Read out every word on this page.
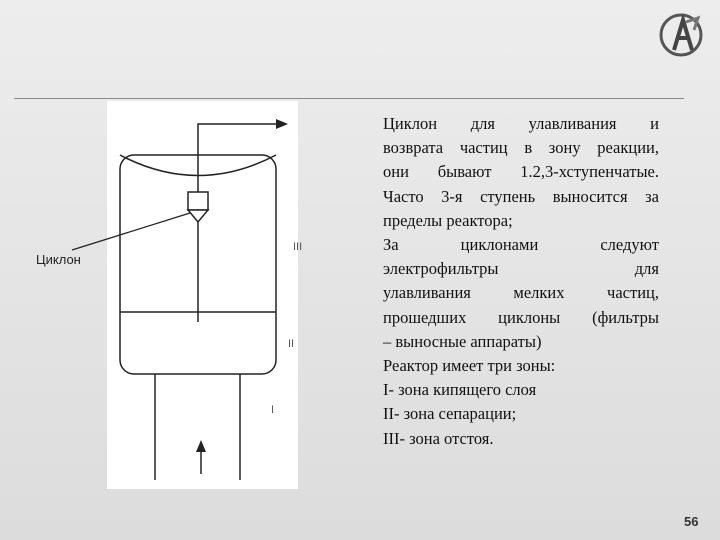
Циклон
III
II
I
Циклон для улавливания и
возврата частиц в зону реакции,
они бывают 1.2,3-хступенчатые.
Часто 3-я ступень выносится за
пределы реактора;
За циклонами следуют
электрофильтры для
улавливания мелких частиц,
прошедших циклоны (фильтры
– выносные аппараты)
Реактор имеет три зоны:
I- зона кипящего слоя
II- зона сепарации;
III- зона отстоя.
56
